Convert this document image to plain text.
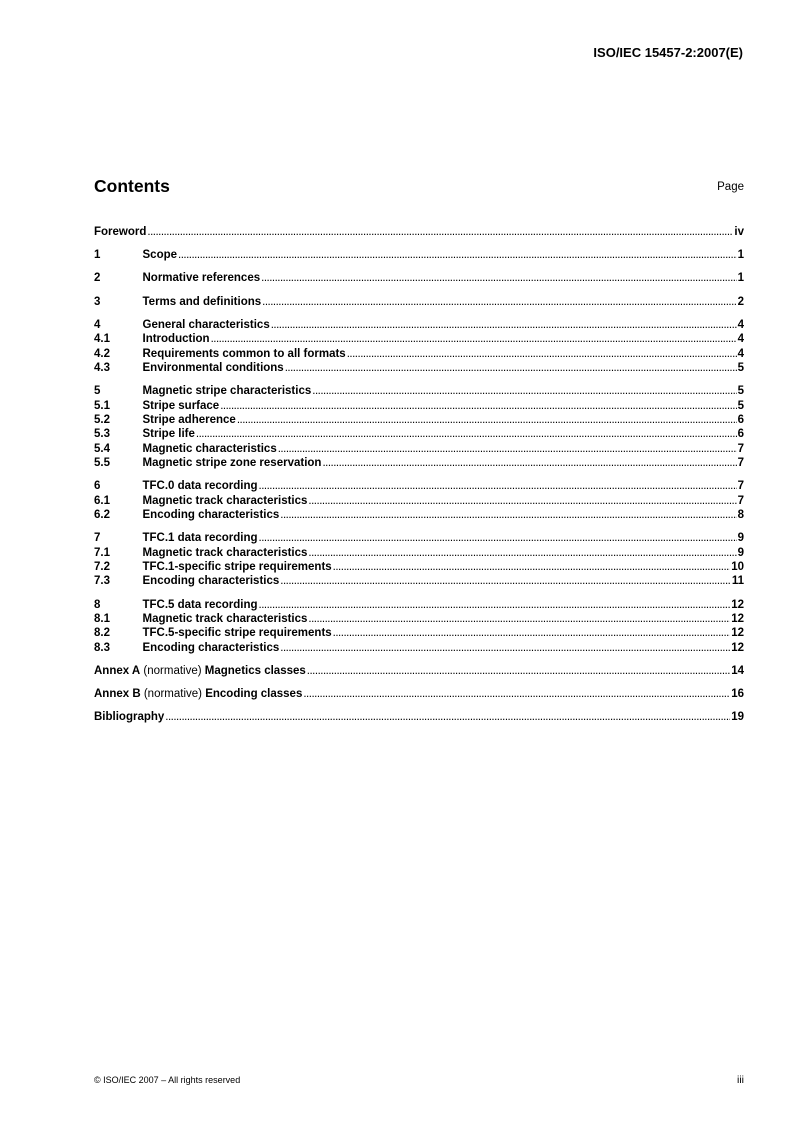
ISO/IEC 15457-2:2007(E)
Contents	Page
Foreword .....	iv
1	Scope .....	1
2	Normative references .....	1
3	Terms and definitions .....	2
4	General characteristics .....	4
4.1	Introduction .....	4
4.2	Requirements common to all formats .....	4
4.3	Environmental conditions .....	5
5	Magnetic stripe characteristics .....	5
5.1	Stripe surface .....	5
5.2	Stripe adherence .....	6
5.3	Stripe life .....	6
5.4	Magnetic characteristics .....	7
5.5	Magnetic stripe zone reservation .....	7
6	TFC.0 data recording .....	7
6.1	Magnetic track characteristics .....	7
6.2	Encoding characteristics .....	8
7	TFC.1 data recording .....	9
7.1	Magnetic track characteristics .....	9
7.2	TFC.1-specific stripe requirements .....	10
7.3	Encoding characteristics .....	11
8	TFC.5 data recording .....	12
8.1	Magnetic track characteristics .....	12
8.2	TFC.5-specific stripe requirements .....	12
8.3	Encoding characteristics .....	12
Annex A (normative) Magnetics classes .....	14
Annex B (normative) Encoding classes .....	16
Bibliography .....	19
© ISO/IEC 2007 – All rights reserved	iii
